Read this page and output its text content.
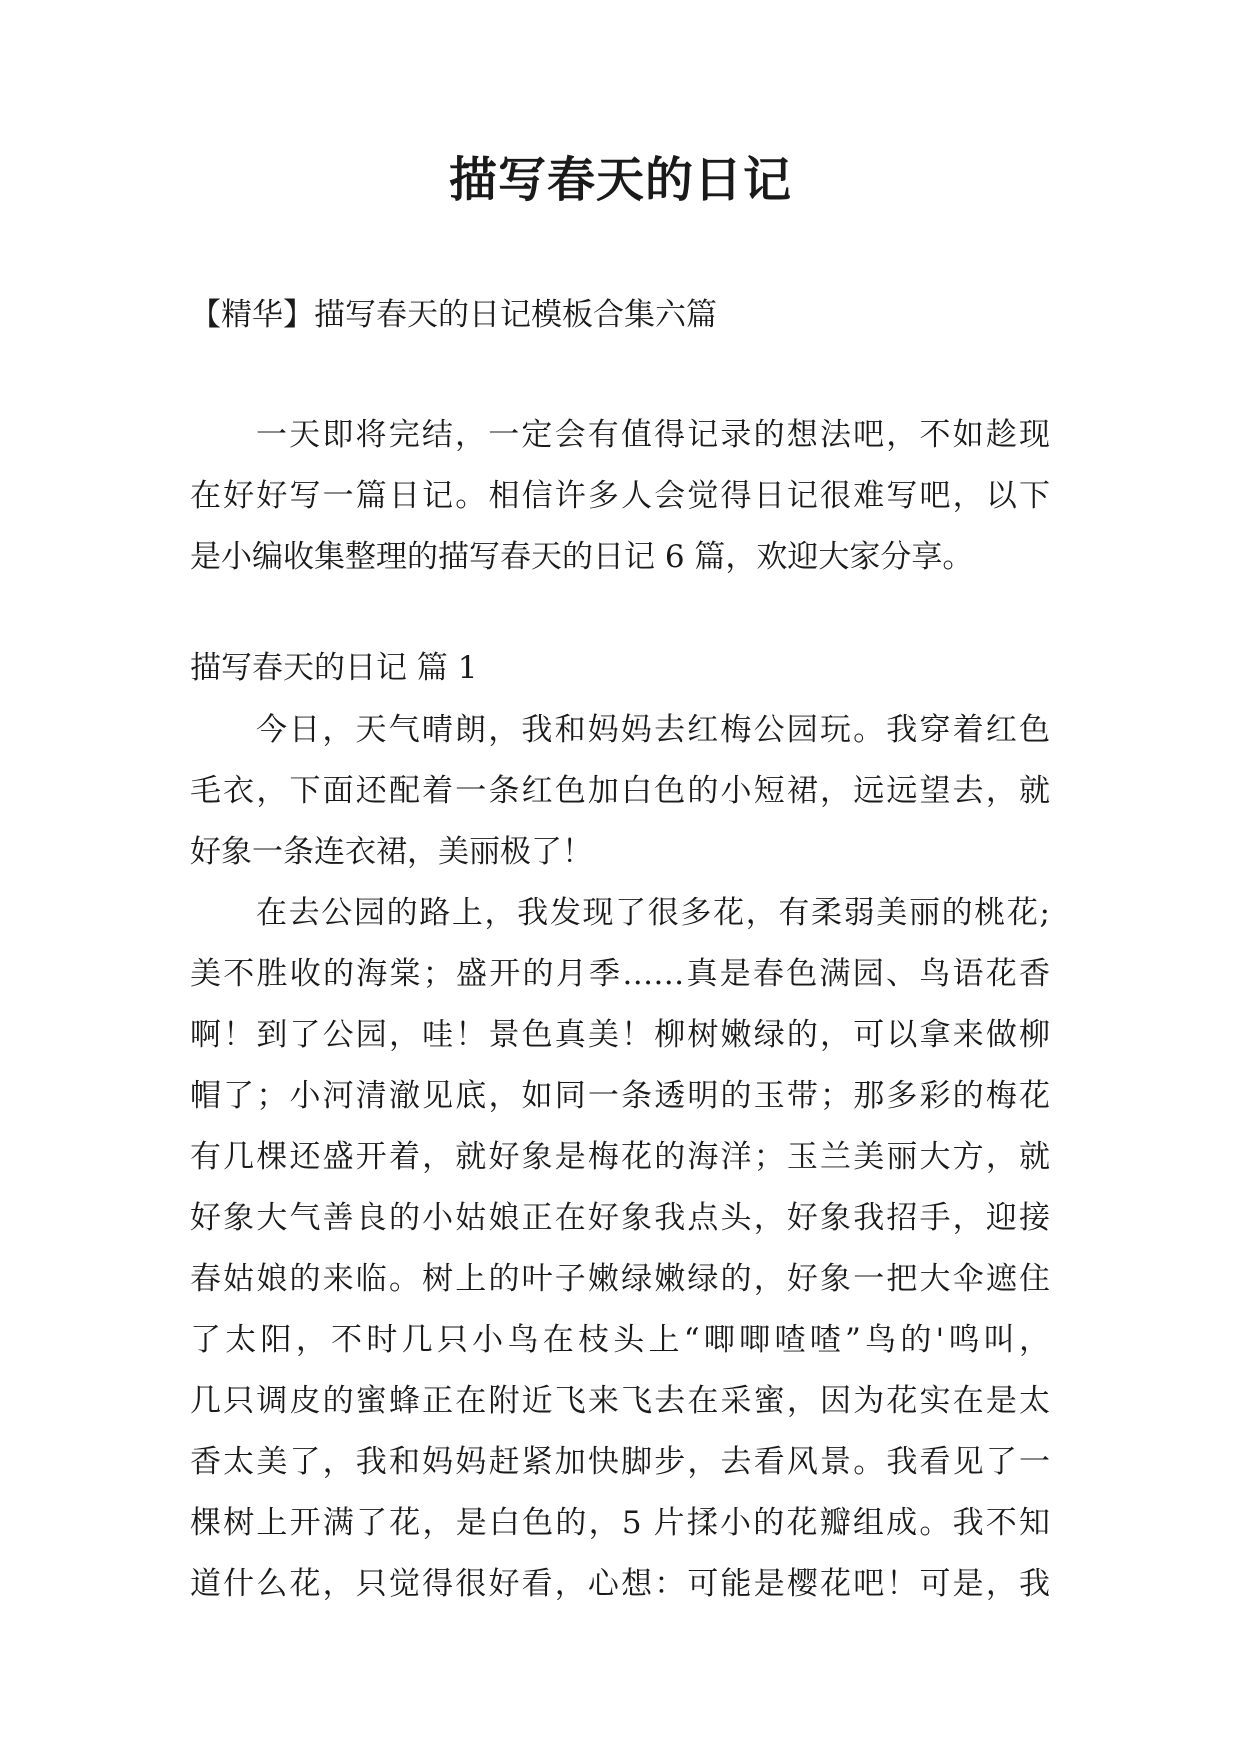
描写春天的日记
【精华】描写春天的日记模板合集六篇
一天即将完结，一定会有值得记录的想法吧，不如趁现
在好好写一篇日记。相信许多人会觉得日记很难写吧，以下
是小编收集整理的描写春天的日记 6 篇，欢迎大家分享。
描写春天的日记 篇 1
今日，天气晴朗，我和妈妈去红梅公园玩。我穿着红色
毛衣，下面还配着一条红色加白色的小短裙，远远望去，就
好象一条连衣裙，美丽极了！
在去公园的路上，我发现了很多花，有柔弱美丽的桃花;
美不胜收的海棠；盛开的月季……真是春色满园、鸟语花香
啊！到了公园，哇！景色真美！柳树嫩绿的，可以拿来做柳
帽了；小河清澈见底，如同一条透明的玉带；那多彩的梅花
有几棵还盛开着，就好象是梅花的海洋；玉兰美丽大方，就
好象大气善良的小姑娘正在好象我点头，好象我招手，迎接
春姑娘的来临。树上的叶子嫩绿嫩绿的，好象一把大伞遮住
了太阳，不时几只小鸟在枝头上“唧唧喳喳”鸟的'鸣叫，
几只调皮的蜜蜂正在附近飞来飞去在采蜜，因为花实在是太
香太美了，我和妈妈赶紧加快脚步，去看风景。我看见了一
棵树上开满了花，是白色的，5 片揉小的花瓣组成。我不知
道什么花，只觉得很好看，心想：可能是樱花吧！可是，我
